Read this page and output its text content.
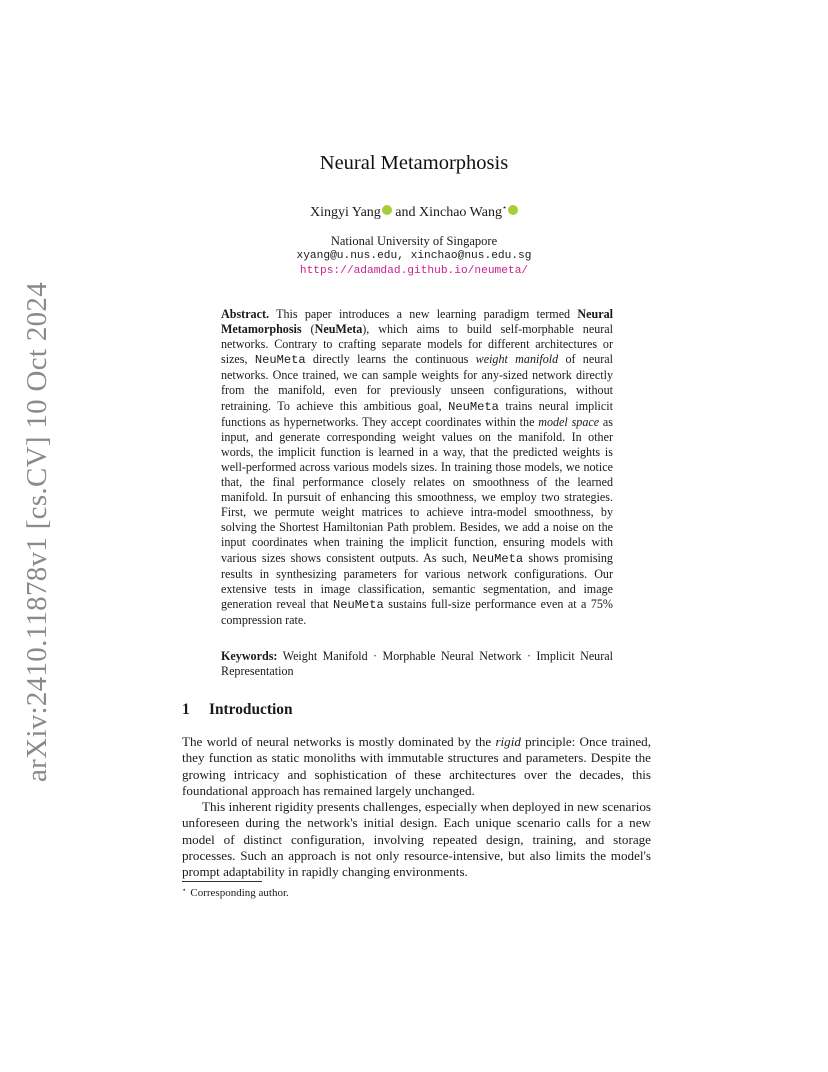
arXiv:2410.11878v1 [cs.CV] 10 Oct 2024
Neural Metamorphosis
Xingyi Yang and Xinchao Wang⋆
National University of Singapore
xyang@u.nus.edu, xinchao@nus.edu.sg
https://adamdad.github.io/neumeta/
Abstract. This paper introduces a new learning paradigm termed Neural Metamorphosis (NeuMeta), which aims to build self-morphable neural networks. Contrary to crafting separate models for different architectures or sizes, NeuMeta directly learns the continuous weight manifold of neural networks. Once trained, we can sample weights for any-sized network directly from the manifold, even for previously unseen configurations, without retraining. To achieve this ambitious goal, NeuMeta trains neural implicit functions as hypernetworks. They accept coordinates within the model space as input, and generate corresponding weight values on the manifold. In other words, the implicit function is learned in a way, that the predicted weights is well-performed across various models sizes. In training those models, we notice that, the final performance closely relates on smoothness of the learned manifold. In pursuit of enhancing this smoothness, we employ two strategies. First, we permute weight matrices to achieve intra-model smoothness, by solving the Shortest Hamiltonian Path problem. Besides, we add a noise on the input coordinates when training the implicit function, ensuring models with various sizes shows consistent outputs. As such, NeuMeta shows promising results in synthesizing parameters for various network configurations. Our extensive tests in image classification, semantic segmentation, and image generation reveal that NeuMeta sustains full-size performance even at a 75% compression rate.
Keywords: Weight Manifold · Morphable Neural Network · Implicit Neural Representation
1 Introduction

The world of neural networks is mostly dominated by the rigid principle: Once trained, they function as static monoliths with immutable structures and parameters. Despite the growing intricacy and sophistication of these architectures over the decades, this foundational approach has remained largely unchanged.

This inherent rigidity presents challenges, especially when deployed in new scenarios unforeseen during the network's initial design. Each unique scenario calls for a new model of distinct configuration, involving repeated design, training, and storage processes. Such an approach is not only resource-intensive, but also limits the model's prompt adaptability in rapidly changing environments.

⋆ Corresponding author.
